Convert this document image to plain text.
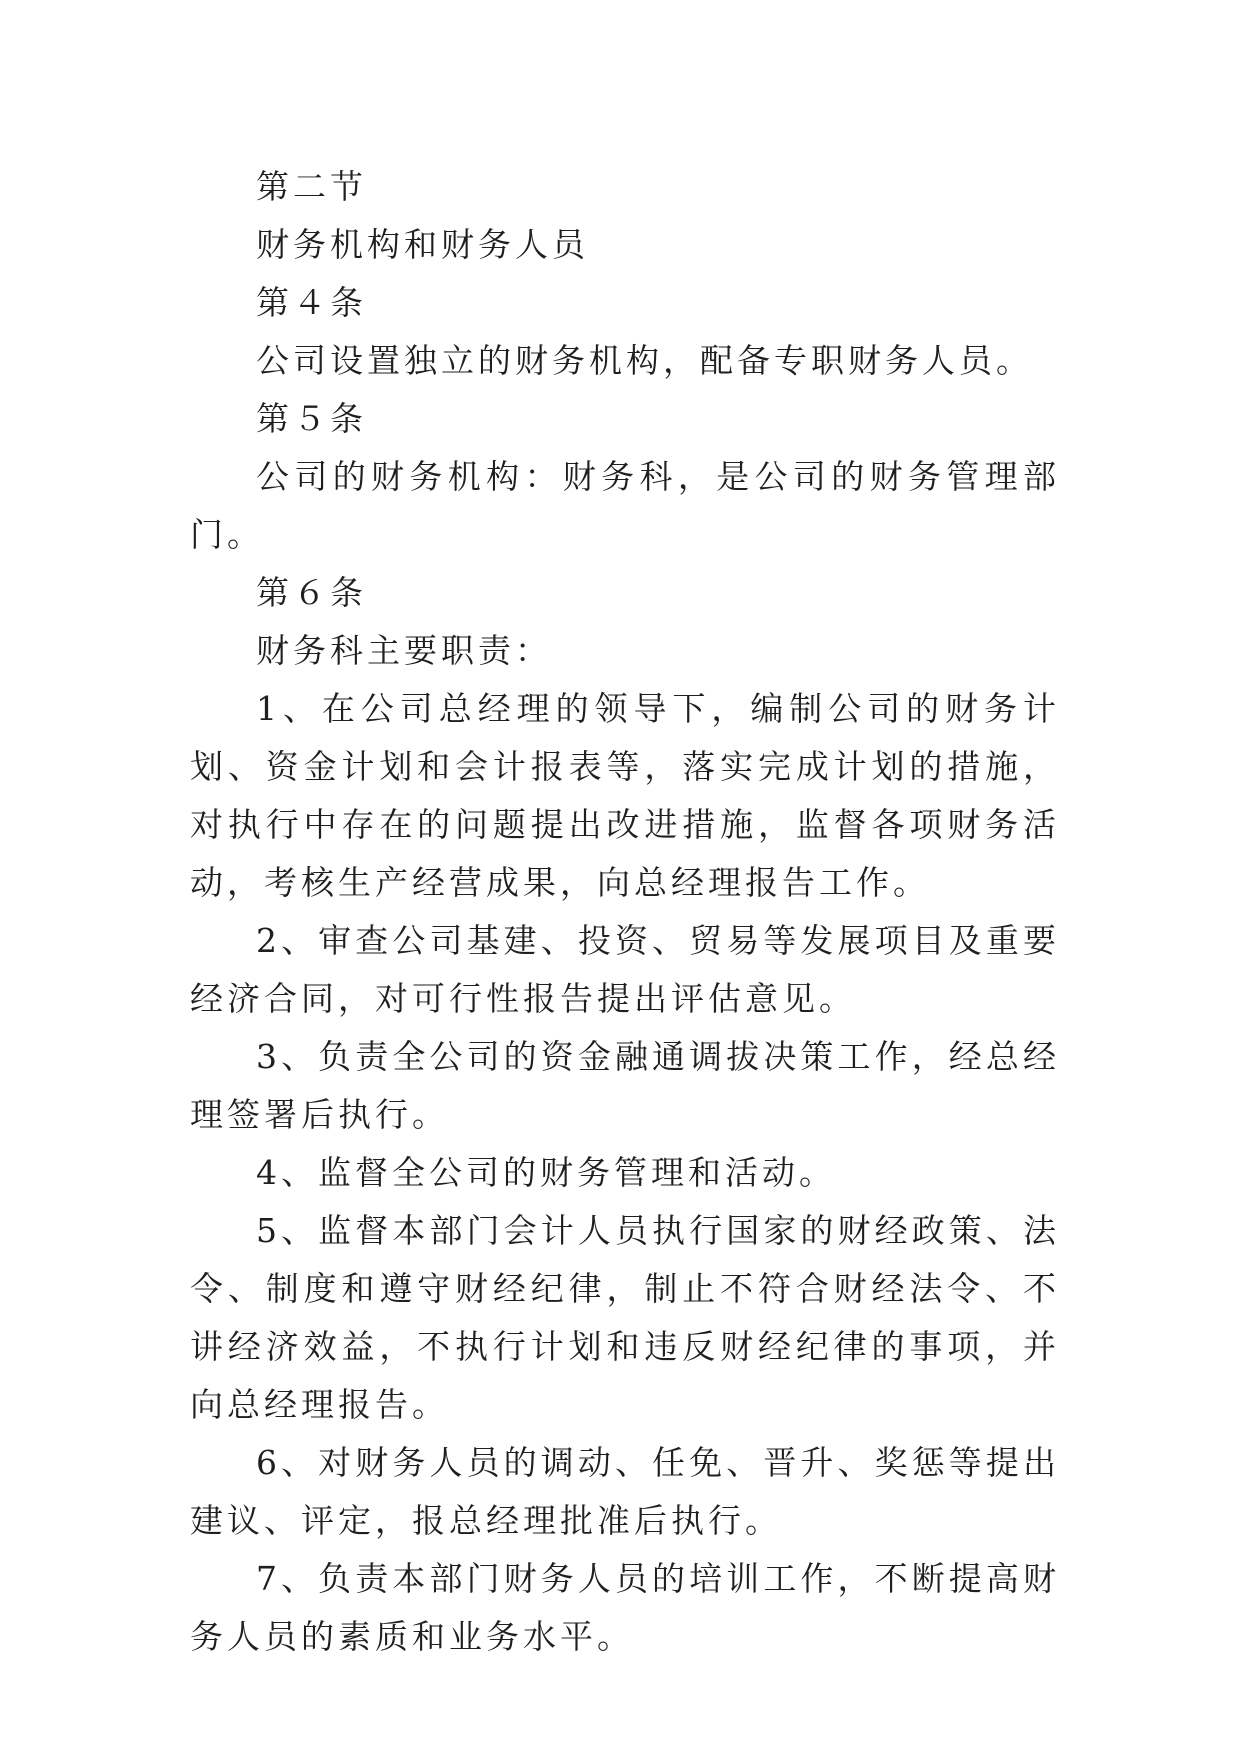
第二节

财务机构和财务人员

第４条

公司设置独立的财务机构，配备专职财务人员。

第５条

公司的财务机构：财务科，是公司的财务管理部门。

第６条

财务科主要职责：

1、在公司总经理的领导下，编制公司的财务计划、资金计划和会计报表等，落实完成计划的措施，对执行中存在的问题提出改进措施，监督各项财务活动，考核生产经营成果，向总经理报告工作。

2、审查公司基建、投资、贸易等发展项目及重要经济合同，对可行性报告提出评估意见。

3、负责全公司的资金融通调拔决策工作，经总经理签署后执行。

4、监督全公司的财务管理和活动。

5、监督本部门会计人员执行国家的财经政策、法令、制度和遵守财经纪律，制止不符合财经法令、不讲经济效益，不执行计划和违反财经纪律的事项，并向总经理报告。

6、对财务人员的调动、任免、晋升、奖惩等提出建议、评定，报总经理批准后执行。

7、负责本部门财务人员的培训工作，不断提高财务人员的素质和业务水平。
